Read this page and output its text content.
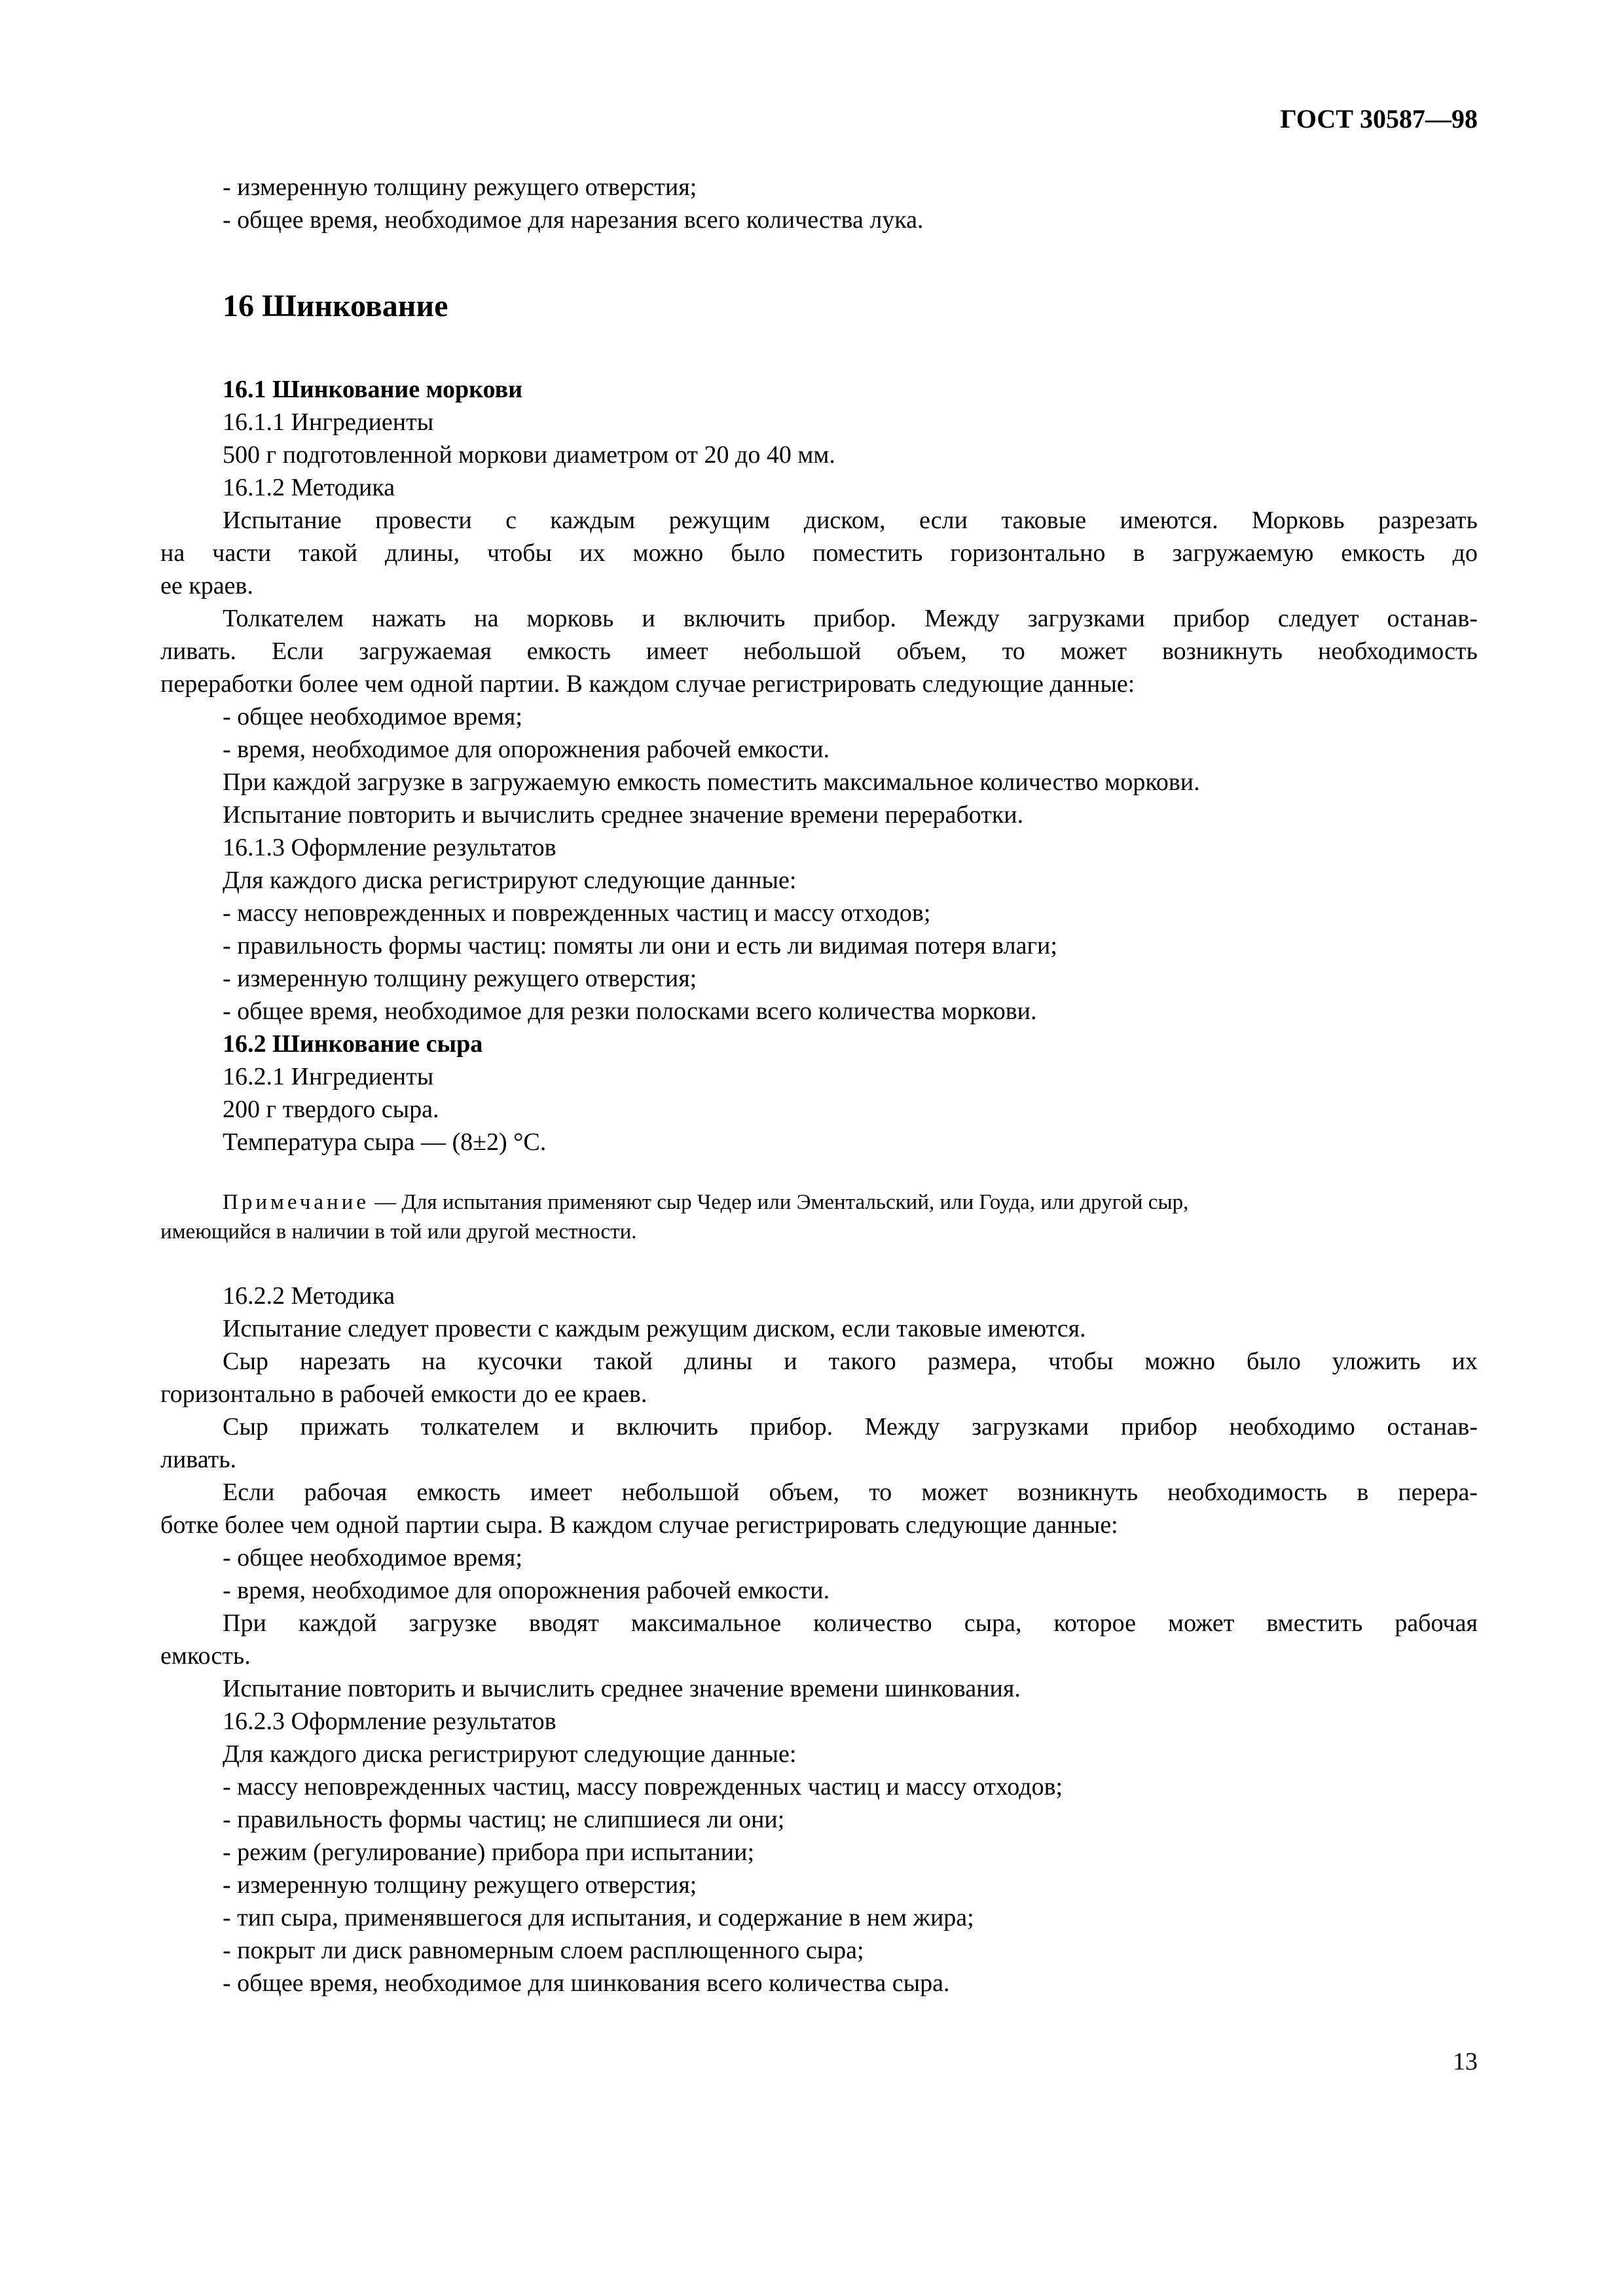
ГОСТ 30587—98
- измеренную толщину режущего отверстия;
- общее время, необходимое для нарезания всего количества лука.
16 Шинкование
16.1 Шинкование моркови
16.1.1 Ингредиенты
500 г подготовленной моркови диаметром от 20 до 40 мм.
16.1.2 Методика
Испытание провести с каждым режущим диском, если таковые имеются. Морковь разрезать
на части такой длины, чтобы их можно было поместить горизонтально в загружаемую емкость до
ее краев.
Толкателем нажать на морковь и включить прибор. Между загрузками прибор следует останав-
ливать. Если загружаемая емкость имеет небольшой объем, то может возникнуть необходимость
переработки более чем одной партии. В каждом случае регистрировать следующие данные:
- общее необходимое время;
- время, необходимое для опорожнения рабочей емкости.
При каждой загрузке в загружаемую емкость поместить максимальное количество моркови.
Испытание повторить и вычислить среднее значение времени переработки.
16.1.3 Оформление результатов
Для каждого диска регистрируют следующие данные:
- массу неповрежденных и поврежденных частиц и массу отходов;
- правильность формы частиц: помяты ли они и есть ли видимая потеря влаги;
- измеренную толщину режущего отверстия;
- общее время, необходимое для резки полосками всего количества моркови.
16.2 Шинкование сыра
16.2.1 Ингредиенты
200 г твердого сыра.
Температура сыра — (8±2) °С.
Примечание — Для испытания применяют сыр Чедер или Эментальский, или Гоуда, или другой сыр,
имеющийся в наличии в той или другой местности.
16.2.2 Методика
Испытание следует провести с каждым режущим диском, если таковые имеются.
Сыр нарезать на кусочки такой длины и такого размера, чтобы можно было уложить их
горизонтально в рабочей емкости до ее краев.
Сыр прижать толкателем и включить прибор. Между загрузками прибор необходимо останав-
ливать.
Если рабочая емкость имеет небольшой объем, то может возникнуть необходимость в перера-
ботке более чем одной партии сыра. В каждом случае регистрировать следующие данные:
- общее необходимое время;
- время, необходимое для опорожнения рабочей емкости.
При каждой загрузке вводят максимальное количество сыра, которое может вместить рабочая
емкость.
Испытание повторить и вычислить среднее значение времени шинкования.
16.2.3 Оформление результатов
Для каждого диска регистрируют следующие данные:
- массу неповрежденных частиц, массу поврежденных частиц и массу отходов;
- правильность формы частиц; не слипшиеся ли они;
- режим (регулирование) прибора при испытании;
- измеренную толщину режущего отверстия;
- тип сыра, применявшегося для испытания, и содержание в нем жира;
- покрыт ли диск равномерным слоем расплющенного сыра;
- общее время, необходимое для шинкования всего количества сыра.
13
